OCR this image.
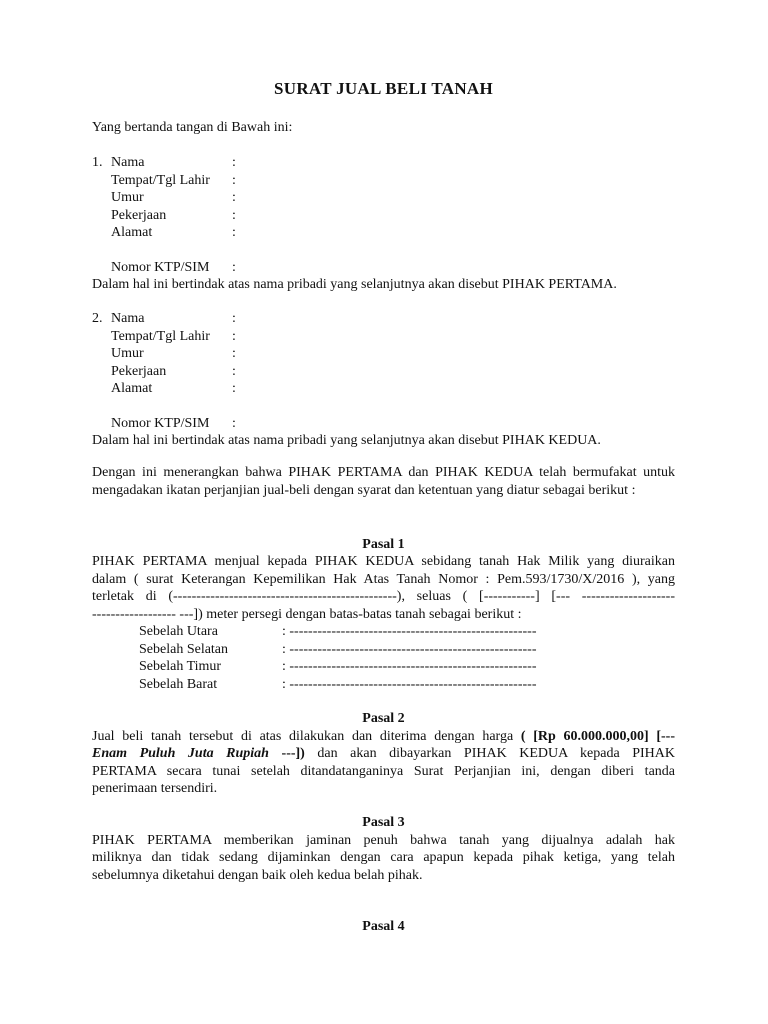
SURAT JUAL BELI TANAH
Yang bertanda tangan di Bawah ini:
1. Nama	:
Tempat/Tgl Lahir :
Umur	:
Pekerjaan	:
Alamat	:
Nomor KTP/SIM :
Dalam hal ini bertindak atas nama pribadi yang selanjutnya akan disebut PIHAK PERTAMA.
2. Nama	:
Tempat/Tgl Lahir :
Umur	:
Pekerjaan	:
Alamat	:
Nomor KTP/SIM :
Dalam hal ini bertindak atas nama pribadi yang selanjutnya akan disebut PIHAK KEDUA.
Dengan ini menerangkan bahwa PIHAK PERTAMA dan PIHAK KEDUA telah bermufakat untuk mengadakan ikatan perjanjian jual-beli dengan syarat dan ketentuan yang diatur sebagai berikut :
Pasal 1
PIHAK PERTAMA menjual kepada PIHAK KEDUA sebidang tanah Hak Milik yang diuraikan
dalam ( surat Keterangan Kepemilikan Hak Atas Tanah Nomor : Pem.593/1730/X/2016 ), yang
terletak di (------------------------------------------------), seluas ( [-----------] [--- --------------------
------------------ ---]) meter persegi dengan batas-batas tanah sebagai berikut :
Sebelah Utara	: -----------------------------------------------------
Sebelah Selatan	: -----------------------------------------------------
Sebelah Timur	: -----------------------------------------------------
Sebelah Barat	: -----------------------------------------------------
Pasal 2
Jual beli tanah tersebut di atas dilakukan dan diterima dengan harga ( [Rp 60.000.000,00] [---
Enam Puluh Juta Rupiah ---]) dan akan dibayarkan PIHAK KEDUA kepada PIHAK
PERTAMA secara tunai setelah ditandatanganinya Surat Perjanjian ini, dengan diberi tanda
penerimaan tersendiri.
Pasal 3
PIHAK PERTAMA memberikan jaminan penuh bahwa tanah yang dijualnya adalah hak
miliknya dan tidak sedang dijaminkan dengan cara apapun kepada pihak ketiga, yang telah
sebelumnya diketahui dengan baik oleh kedua belah pihak.
Pasal 4
